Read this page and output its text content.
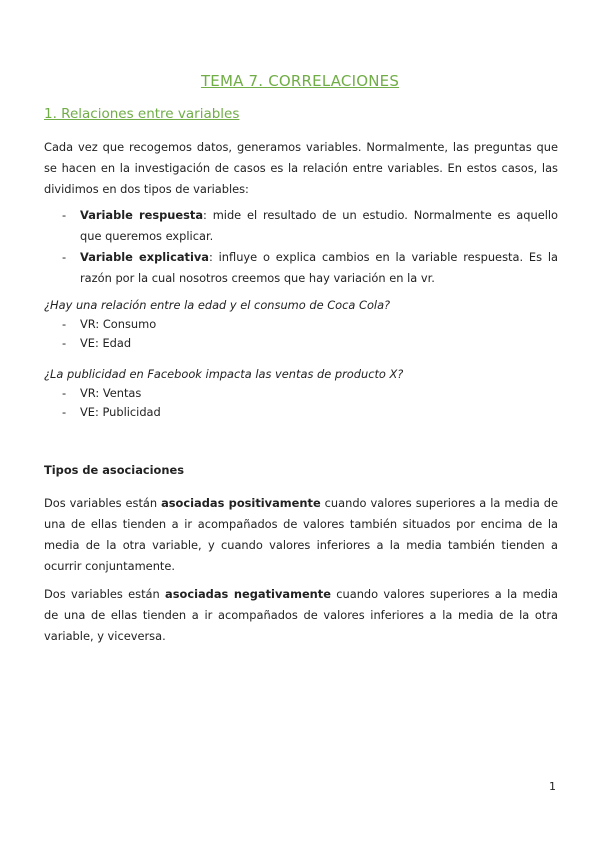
TEMA 7. CORRELACIONES
1. Relaciones entre variables
Cada vez que recogemos datos, generamos variables. Normalmente, las preguntas que se hacen en la investigación de casos es la relación entre variables. En estos casos, las dividimos en dos tipos de variables:
- Variable respuesta: mide el resultado de un estudio. Normalmente es aquello que queremos explicar.
- Variable explicativa: influye o explica cambios en la variable respuesta. Es la razón por la cual nosotros creemos que hay variación en la vr.
¿Hay una relación entre la edad y el consumo de Coca Cola?
- VR: Consumo
- VE: Edad
¿La publicidad en Facebook impacta las ventas de producto X?
- VR: Ventas
- VE: Publicidad
Tipos de asociaciones
Dos variables están asociadas positivamente cuando valores superiores a la media de una de ellas tienden a ir acompañados de valores también situados por encima de la media de la otra variable, y cuando valores inferiores a la media también tienden a ocurrir conjuntamente.
Dos variables están asociadas negativamente cuando valores superiores a la media de una de ellas tienden a ir acompañados de valores inferiores a la media de la otra variable, y viceversa.
1
